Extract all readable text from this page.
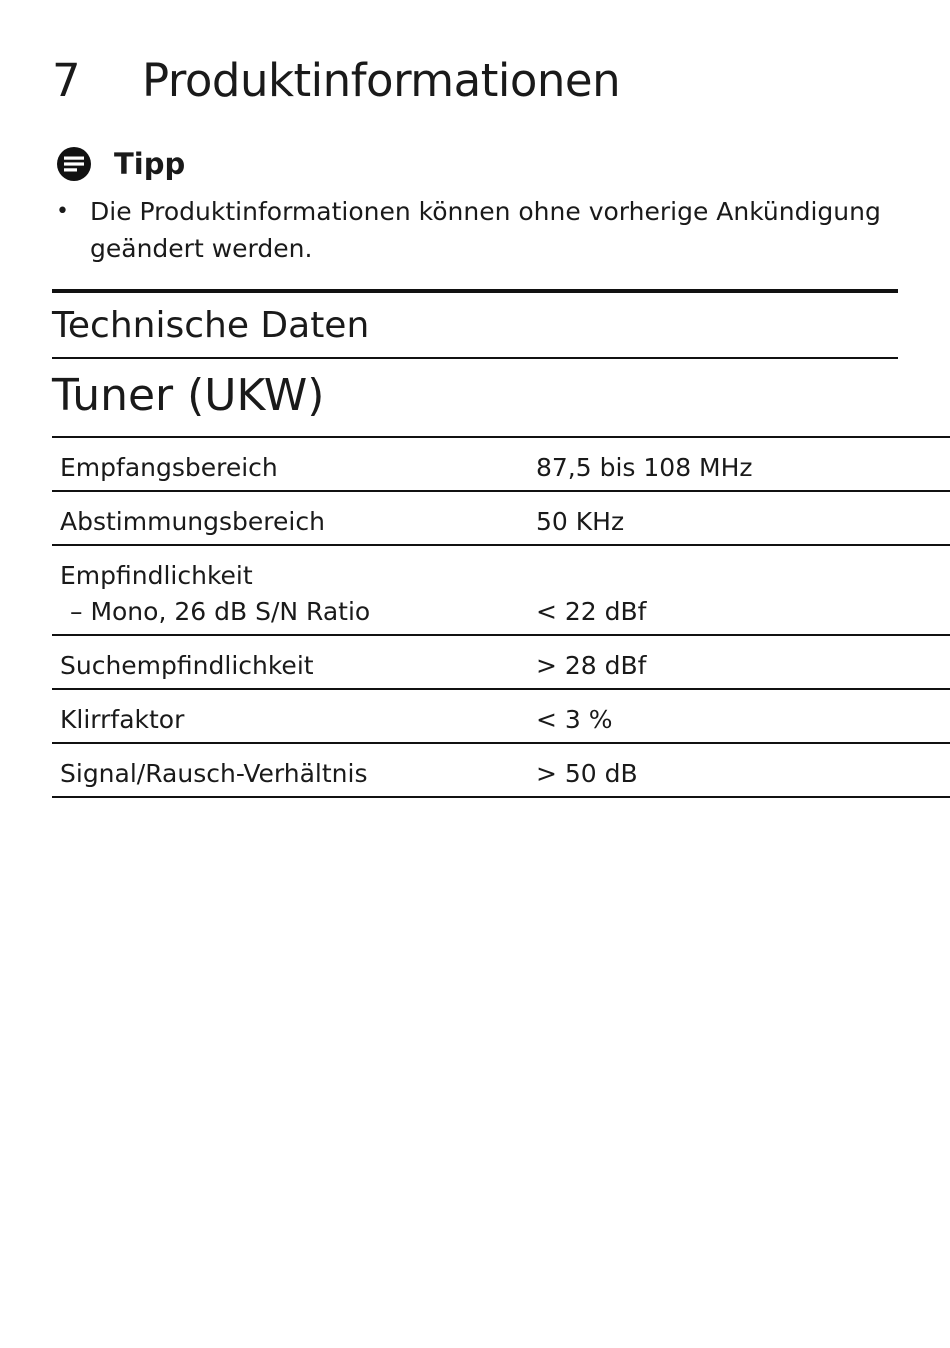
7	Produktinformationen
Tipp
• Die Produktinformationen können ohne vorherige Ankündigung geändert werden.
Technische Daten
Tuner (UKW)
Empfangsbereich	87,5 bis 108 MHz
Abstimmungsbereich	50 KHz
Empfindlichkeit
– Mono, 26 dB S/N Ratio	< 22 dBf
Suchempfindlichkeit	> 28 dBf
Klirrfaktor	< 3 %
Signal/Rausch-Verhältnis	> 50 dB
